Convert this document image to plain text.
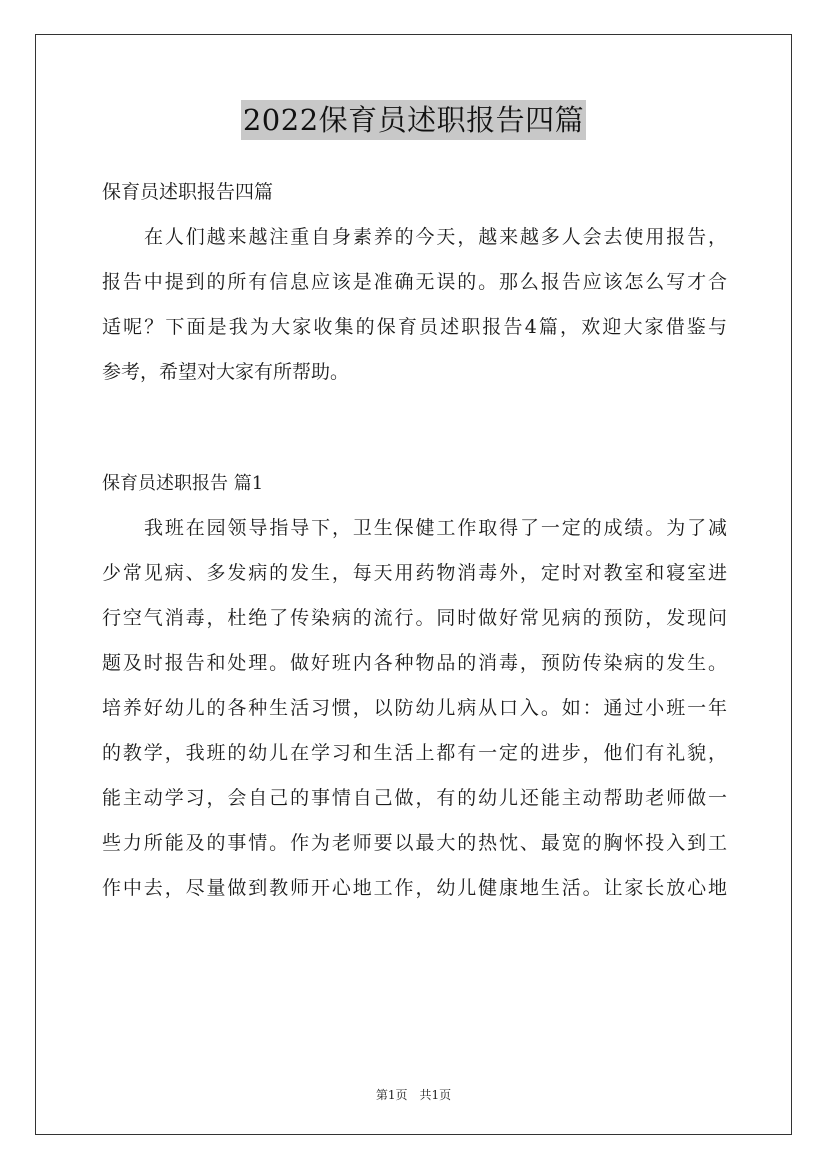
2022保育员述职报告四篇
保育员述职报告四篇
在人们越来越注重自身素养的今天，越来越多人会去使用报告，
报告中提到的所有信息应该是准确无误的。那么报告应该怎么写才合
适呢？下面是我为大家收集的保育员述职报告4篇，欢迎大家借鉴与
参考，希望对大家有所帮助。
保育员述职报告 篇1
我班在园领导指导下，卫生保健工作取得了一定的成绩。为了减
少常见病、多发病的发生，每天用药物消毒外，定时对教室和寝室进
行空气消毒，杜绝了传染病的流行。同时做好常见病的预防，发现问
题及时报告和处理。做好班内各种物品的消毒，预防传染病的发生。
培养好幼儿的各种生活习惯，以防幼儿病从口入。如：通过小班一年
的教学，我班的幼儿在学习和生活上都有一定的进步，他们有礼貌，
能主动学习，会自己的事情自己做，有的幼儿还能主动帮助老师做一
些力所能及的事情。作为老师要以最大的热忱、最宽的胸怀投入到工
作中去，尽量做到教师开心地工作，幼儿健康地生活。让家长放心地
第1页　共1页
